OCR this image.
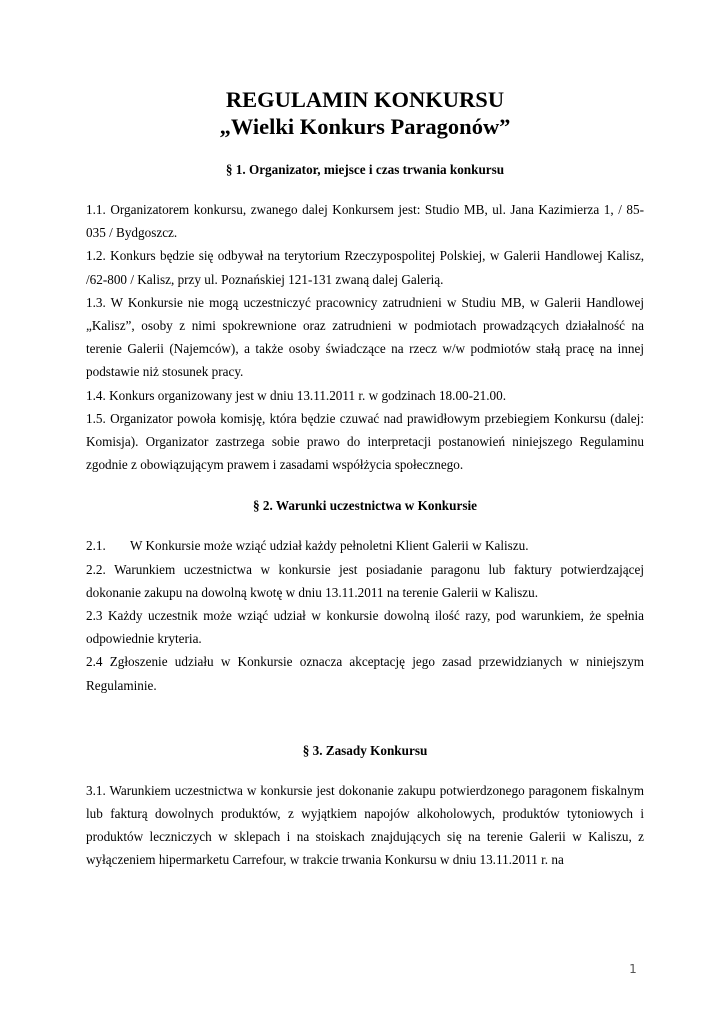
REGULAMIN KONKURSU
„Wielki Konkurs Paragonów”
§ 1. Organizator, miejsce i czas trwania konkursu

1.1. Organizatorem konkursu, zwanego dalej Konkursem jest: Studio MB, ul. Jana Kazimierza 1, / 85-035 / Bydgoszcz.

1.2. Konkurs będzie się odbywał na terytorium Rzeczypospolitej Polskiej, w Galerii Handlowej Kalisz, /62-800 / Kalisz, przy ul. Poznańskiej 121-131 zwaną dalej Galerią.

1.3. W Konkursie nie mogą uczestniczyć pracownicy zatrudnieni w Studiu MB, w Galerii Handlowej „Kalisz”, osoby z nimi spokrewnione oraz zatrudnieni w podmiotach prowadzących działalność na terenie Galerii (Najemców), a także osoby świadczące na rzecz w/w podmiotów stałą pracę na innej podstawie niż stosunek pracy.

1.4. Konkurs organizowany jest w dniu 13.11.2011 r. w godzinach 18.00-21.00.

1.5. Organizator powoła komisję, która będzie czuwać nad prawidłowym przebiegiem Konkursu (dalej: Komisja). Organizator zastrzega sobie prawo do interpretacji postanowień niniejszego Regulaminu zgodnie z obowiązującym prawem i zasadami współżycia społecznego.

§ 2. Warunki uczestnictwa w Konkursie

2.1. W Konkursie może wziąć udział każdy pełnoletni Klient Galerii w Kaliszu.

2.2. Warunkiem uczestnictwa w konkursie jest posiadanie paragonu lub faktury potwierdzającej dokonanie zakupu na dowolną kwotę w dniu 13.11.2011 na terenie Galerii w Kaliszu.

2.3 Każdy uczestnik może wziąć udział w konkursie dowolną ilość razy, pod warunkiem, że spełnia odpowiednie kryteria.

2.4 Zgłoszenie udziału w Konkursie oznacza akceptację jego zasad przewidzianych w niniejszym Regulaminie.

§ 3. Zasady Konkursu

3.1. Warunkiem uczestnictwa w konkursie jest dokonanie zakupu potwierdzonego paragonem fiskalnym lub fakturą dowolnych produktów, z wyjątkiem napojów alkoholowych, produktów tytoniowych i produktów leczniczych w sklepach i na stoiskach znajdujących się na terenie Galerii w Kaliszu, z wyłączeniem hipermarketu Carrefour, w trakcie trwania Konkursu w dniu 13.11.2011 r. na

1
